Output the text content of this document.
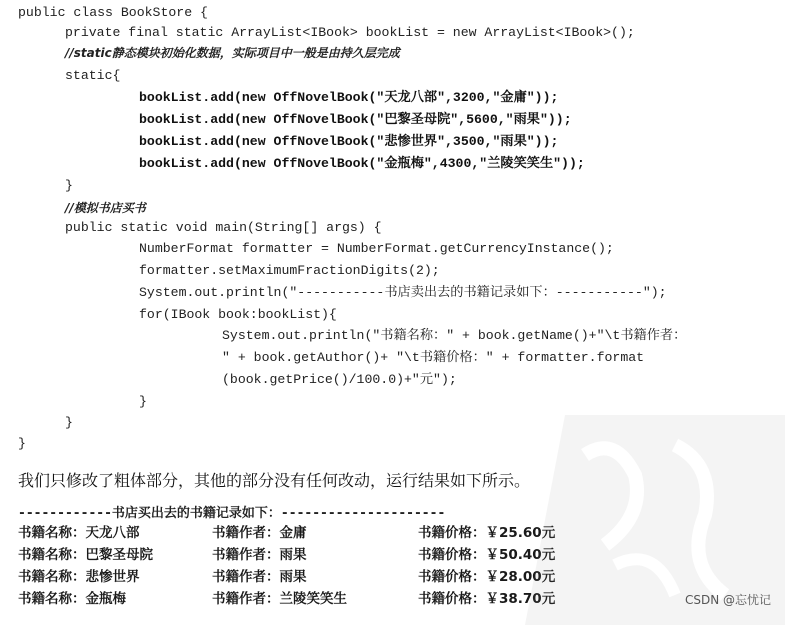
public class BookStore {
private final static ArrayList<IBook> bookList = new ArrayList<IBook>();
//static静态模块初始化数据，实际项目中一般是由持久层完成
static{
bookList.add(new OffNovelBook("天龙八部",3200,"金庸"));
bookList.add(new OffNovelBook("巴黎圣母院",5600,"雨果"));
bookList.add(new OffNovelBook("悲惨世界",3500,"雨果"));
bookList.add(new OffNovelBook("金瓶梅",4300,"兰陵笑笑生"));
}
//模拟书店买书
public static void main(String[] args) {
NumberFormat formatter = NumberFormat.getCurrencyInstance();
formatter.setMaximumFractionDigits(2);
System.out.println("-----------书店卖出去的书籍记录如下：-----------");
for(IBook book:bookList){
System.out.println("书籍名称：" + book.getName()+"\t书籍作者：
" + book.getAuthor()+ "\t书籍价格：" + formatter.format
(book.getPrice()/100.0)+"元");
}
}
}
我们只修改了粗体部分，其他的部分没有任何改动，运行结果如下所示。
------------书店买出去的书籍记录如下：---------------------
书籍名称：天龙八部	书籍作者：金庸	书籍价格：￥25.60元
书籍名称：巴黎圣母院	书籍作者：雨果	书籍价格：￥50.40元
书籍名称：悲惨世界	书籍作者：雨果	书籍价格：￥28.00元
书籍名称：金瓶梅	书籍作者：兰陵笑笑生	书籍价格：￥38.70元	CSDN @忘忧记
